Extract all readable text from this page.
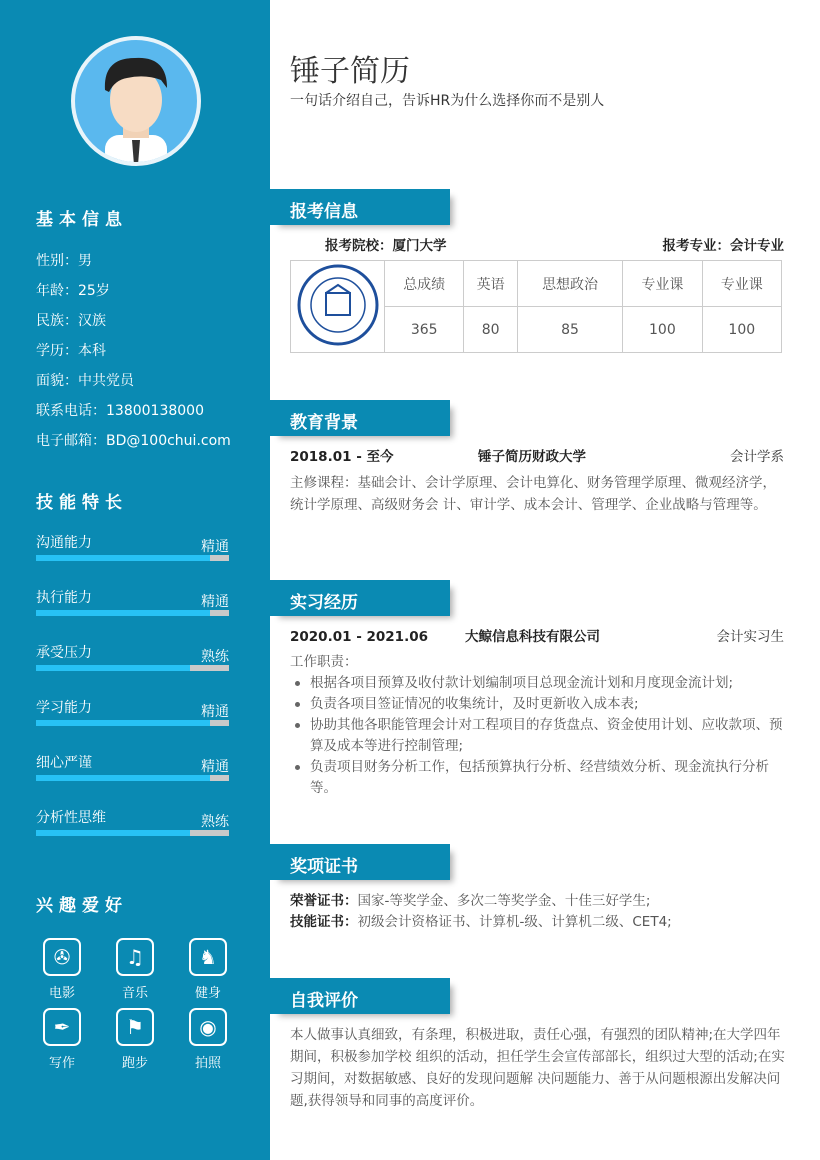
基本信息
性别：男
年龄：25岁
民族：汉族
学历：本科
面貌：中共党员
联系电话：13800138000
电子邮箱：BD@100chui.com
技能特长
沟通能力	精通
执行能力	精通
承受压力	熟练
学习能力	精通
细心严谨	精通
分析性思维	熟练
兴趣爱好
✇
电影
♫
音乐
♞
健身
✒
写作
⚑
跑步
◉
拍照
锤子简历
一句话介绍自己，告诉HR为什么选择你而不是别人
报考信息
报考院校：厦门大学	报考专业：会计专业
	总成绩	英语	思想政治	专业课	专业课
	365	80	85	100	100
教育背景
2018.01 - 至今	锤子简历财政大学	会计学系
主修课程：基础会计、会计学原理、会计电算化、财务管理学原理、微观经济学，统计学原理、高级财务会 计、审计学、成本会计、管理学、企业战略与管理等。
实习经历
2020.01 - 2021.06	大鲸信息科技有限公司	会计实习生
工作职责：
根据各项目预算及收付款计划编制项目总现金流计划和月度现金流计划;
负责各项目签证情况的收集统计，及时更新收入成本表;
协助其他各职能管理会计对工程项目的存货盘点、资金使用计划、应收款项、预算及成本等进行控制管理;
负责项目财务分析工作，包括预算执行分析、经营绩效分析、现金流执行分析等。
奖项证书
荣誉证书：国家-等奖学金、多次二等奖学金、十佳三好学生;
技能证书：初级会计资格证书、计算机-级、计算机二级、CET4;
自我评价
本人做事认真细致，有条理，积极进取，责任心强，有强烈的团队精神;在大学四年期间，积极参加学校 组织的活动，担任学生会宣传部部长，组织过大型的活动;在实习期间，对数据敏感、良好的发现问题解 决问题能力、善于从问题根源出发解决问题,获得领导和同事的高度评价。
